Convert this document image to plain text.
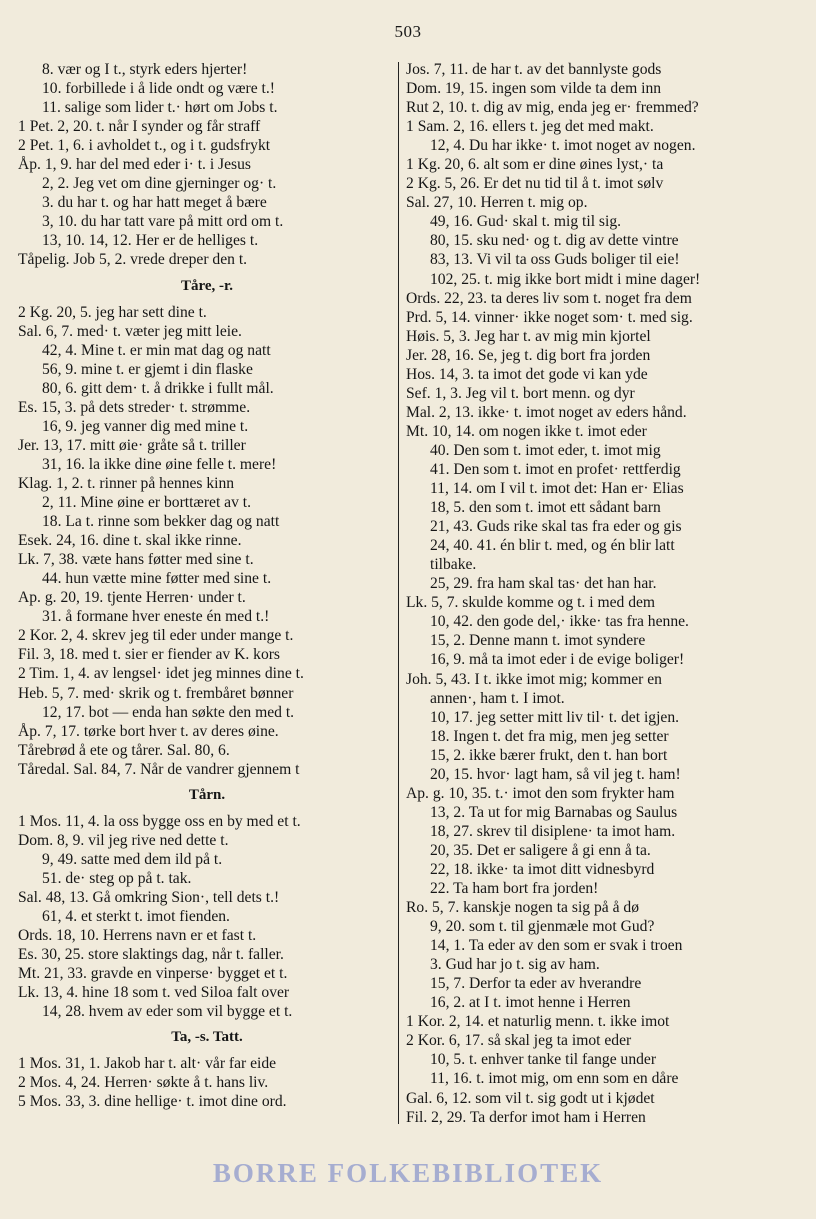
503
8. vær og I t., styrk eders hjerter!
10. forbillede i å lide ondt og være t.!
11. salige som lider t.· hørt om Jobs t.
1 Pet. 2, 20. t. når I synder og får straff
2 Pet. 1, 6. i avholdet t., og i t. gudsfrykt
Åp. 1, 9. har del med eder i· t. i Jesus
2, 2. Jeg vet om dine gjerninger og· t.
3. du har t. og har hatt meget å bære
3, 10. du har tatt vare på mitt ord om t.
13, 10. 14, 12. Her er de helliges t.
Tåpelig. Job 5, 2. vrede dreper den t.
Tåre, -r.
2 Kg. 20, 5. jeg har sett dine t.
Sal. 6, 7. med· t. væter jeg mitt leie.
42, 4. Mine t. er min mat dag og natt
56, 9. mine t. er gjemt i din flaske
80, 6. gitt dem· t. å drikke i fullt mål.
Es. 15, 3. på dets streder· t. strømme.
16, 9. jeg vanner dig med mine t.
Jer. 13, 17. mitt øie· gråte så t. triller
31, 16. la ikke dine øine felle t. mere!
Klag. 1, 2. t. rinner på hennes kinn
2, 11. Mine øine er borttæret av t.
18. La t. rinne som bekker dag og natt
Esek. 24, 16. dine t. skal ikke rinne.
Lk. 7, 38. væte hans føtter med sine t.
44. hun vætte mine føtter med sine t.
Ap. g. 20, 19. tjente Herren· under t.
31. å formane hver eneste én med t.!
2 Kor. 2, 4. skrev jeg til eder under mange t.
Fil. 3, 18. med t. sier er fiender av K. kors
2 Tim. 1, 4. av lengsel· idet jeg minnes dine t.
Heb. 5, 7. med· skrik og t. frembåret bønner
12, 17. bot — enda han søkte den med t.
Åp. 7, 17. tørke bort hver t. av deres øine.
Tårebrød å ete og tårer. Sal. 80, 6.
Tåredal. Sal. 84, 7. Når de vandrer gjennem t
Tårn.
1 Mos. 11, 4. la oss bygge oss en by med et t.
Dom. 8, 9. vil jeg rive ned dette t.
9, 49. satte med dem ild på t.
51. de· steg op på t. tak.
Sal. 48, 13. Gå omkring Sion·, tell dets t.!
61, 4. et sterkt t. imot fienden.
Ords. 18, 10. Herrens navn er et fast t.
Es. 30, 25. store slaktings dag, når t. faller.
Mt. 21, 33. gravde en vinperse· bygget et t.
Lk. 13, 4. hine 18 som t. ved Siloa falt over
14, 28. hvem av eder som vil bygge et t.
Ta, -s. Tatt.
1 Mos. 31, 1. Jakob har t. alt· vår far eide
2 Mos. 4, 24. Herren· søkte å t. hans liv.
5 Mos. 33, 3. dine hellige· t. imot dine ord.
Jos. 7, 11. de har t. av det bannlyste gods
Dom. 19, 15. ingen som vilde ta dem inn
Rut 2, 10. t. dig av mig, enda jeg er· fremmed?
1 Sam. 2, 16. ellers t. jeg det med makt.
12, 4. Du har ikke· t. imot noget av nogen.
1 Kg. 20, 6. alt som er dine øines lyst,· ta
2 Kg. 5, 26. Er det nu tid til å t. imot sølv
Sal. 27, 10. Herren t. mig op.
49, 16. Gud· skal t. mig til sig.
80, 15. sku ned· og t. dig av dette vintre
83, 13. Vi vil ta oss Guds boliger til eie!
102, 25. t. mig ikke bort midt i mine dager!
Ords. 22, 23. ta deres liv som t. noget fra dem
Prd. 5, 14. vinner· ikke noget som· t. med sig.
Høis. 5, 3. Jeg har t. av mig min kjortel
Jer. 28, 16. Se, jeg t. dig bort fra jorden
Hos. 14, 3. ta imot det gode vi kan yde
Sef. 1, 3. Jeg vil t. bort menn. og dyr
Mal. 2, 13. ikke· t. imot noget av eders hånd.
Mt. 10, 14. om nogen ikke t. imot eder
40. Den som t. imot eder, t. imot mig
41. Den som t. imot en profet· rettferdig
11, 14. om I vil t. imot det: Han er· Elias
18, 5. den som t. imot ett sådant barn
21, 43. Guds rike skal tas fra eder og gis
24, 40. 41. én blir t. med, og én blir latt
tilbake.
25, 29. fra ham skal tas· det han har.
Lk. 5, 7. skulde komme og t. i med dem
10, 42. den gode del,· ikke· tas fra henne.
15, 2. Denne mann t. imot syndere
16, 9. må ta imot eder i de evige boliger!
Joh. 5, 43. I t. ikke imot mig; kommer en
annen·, ham t. I imot.
10, 17. jeg setter mitt liv til· t. det igjen.
18. Ingen t. det fra mig, men jeg setter
15, 2. ikke bærer frukt, den t. han bort
20, 15. hvor· lagt ham, så vil jeg t. ham!
Ap. g. 10, 35. t.· imot den som frykter ham
13, 2. Ta ut for mig Barnabas og Saulus
18, 27. skrev til disiplene· ta imot ham.
20, 35. Det er saligere å gi enn å ta.
22, 18. ikke· ta imot ditt vidnesbyrd
22. Ta ham bort fra jorden!
Ro. 5, 7. kanskje nogen ta sig på å dø
9, 20. som t. til gjenmæle mot Gud?
14, 1. Ta eder av den som er svak i troen
3. Gud har jo t. sig av ham.
15, 7. Derfor ta eder av hverandre
16, 2. at I t. imot henne i Herren
1 Kor. 2, 14. et naturlig menn. t. ikke imot
2 Kor. 6, 17. så skal jeg ta imot eder
10, 5. t. enhver tanke til fange under
11, 16. t. imot mig, om enn som en dåre
Gal. 6, 12. som vil t. sig godt ut i kjødet
Fil. 2, 29. Ta derfor imot ham i Herren
BORRE FOLKEBIBLIOTEK
